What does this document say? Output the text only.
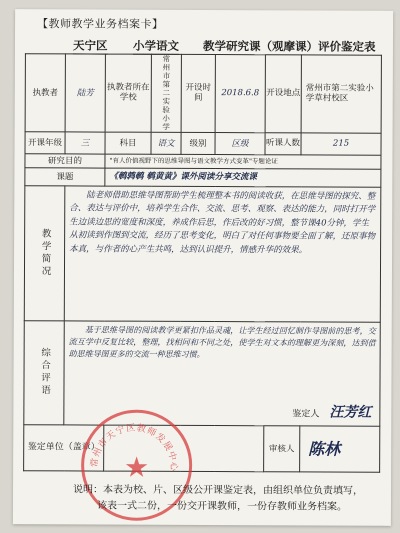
【教师教学业务档案卡】
天宁区 小学语文 教学研究课（观摩课）评价鉴定表
执教者	陆芳	执教者所在学校	常州市第二实验小学	开设时间	2018.6.8	开设地点	常州市第二实验小学草村校区
开课年级	三	科目	语文	级别	区级	听课人数	215
研究目的		"育人价值视野下的思维导图与语文教学方式变革"专题论证					
课题		《鹌鹑鹌 鹌黄黄》课外阅读分享交流课					

教学简况	陆老师借助思维导图帮助学生梳理整本书的阅读收获，在思维导图的探究、整合、表达与评价中，培养学生合作、交流、思考、观察、表达的能力，同时打开学生边读边思的宽度和深度，养成作后思，作后改的好习惯，整节课40分钟，学生从初读到作图到交流，经历了思考变化，明白了对任何事物要全面了解，还原事物本真，与作者的心产生共鸣，达到认识提升，情感升华的效果。						

综合评语	基于思维导图的阅读教学更紧扣作品灵魂，让学生经过回忆制作导图前的思考，交流互学中反复比较，整理，找相同和不同之处，使学生对文本的理解更为深刻，达到借助思维导图更多的交流一种思维习惯。
鉴定人 汪芳红						

鉴定单位（盖章）						审核人	陈林
常州市天宁区教师发展中心
★
说明：本表为校、片、区级公开课鉴定表，由组织单位负责填写，
该表一式二份，一份交开课教师，一份存教师业务档案。
